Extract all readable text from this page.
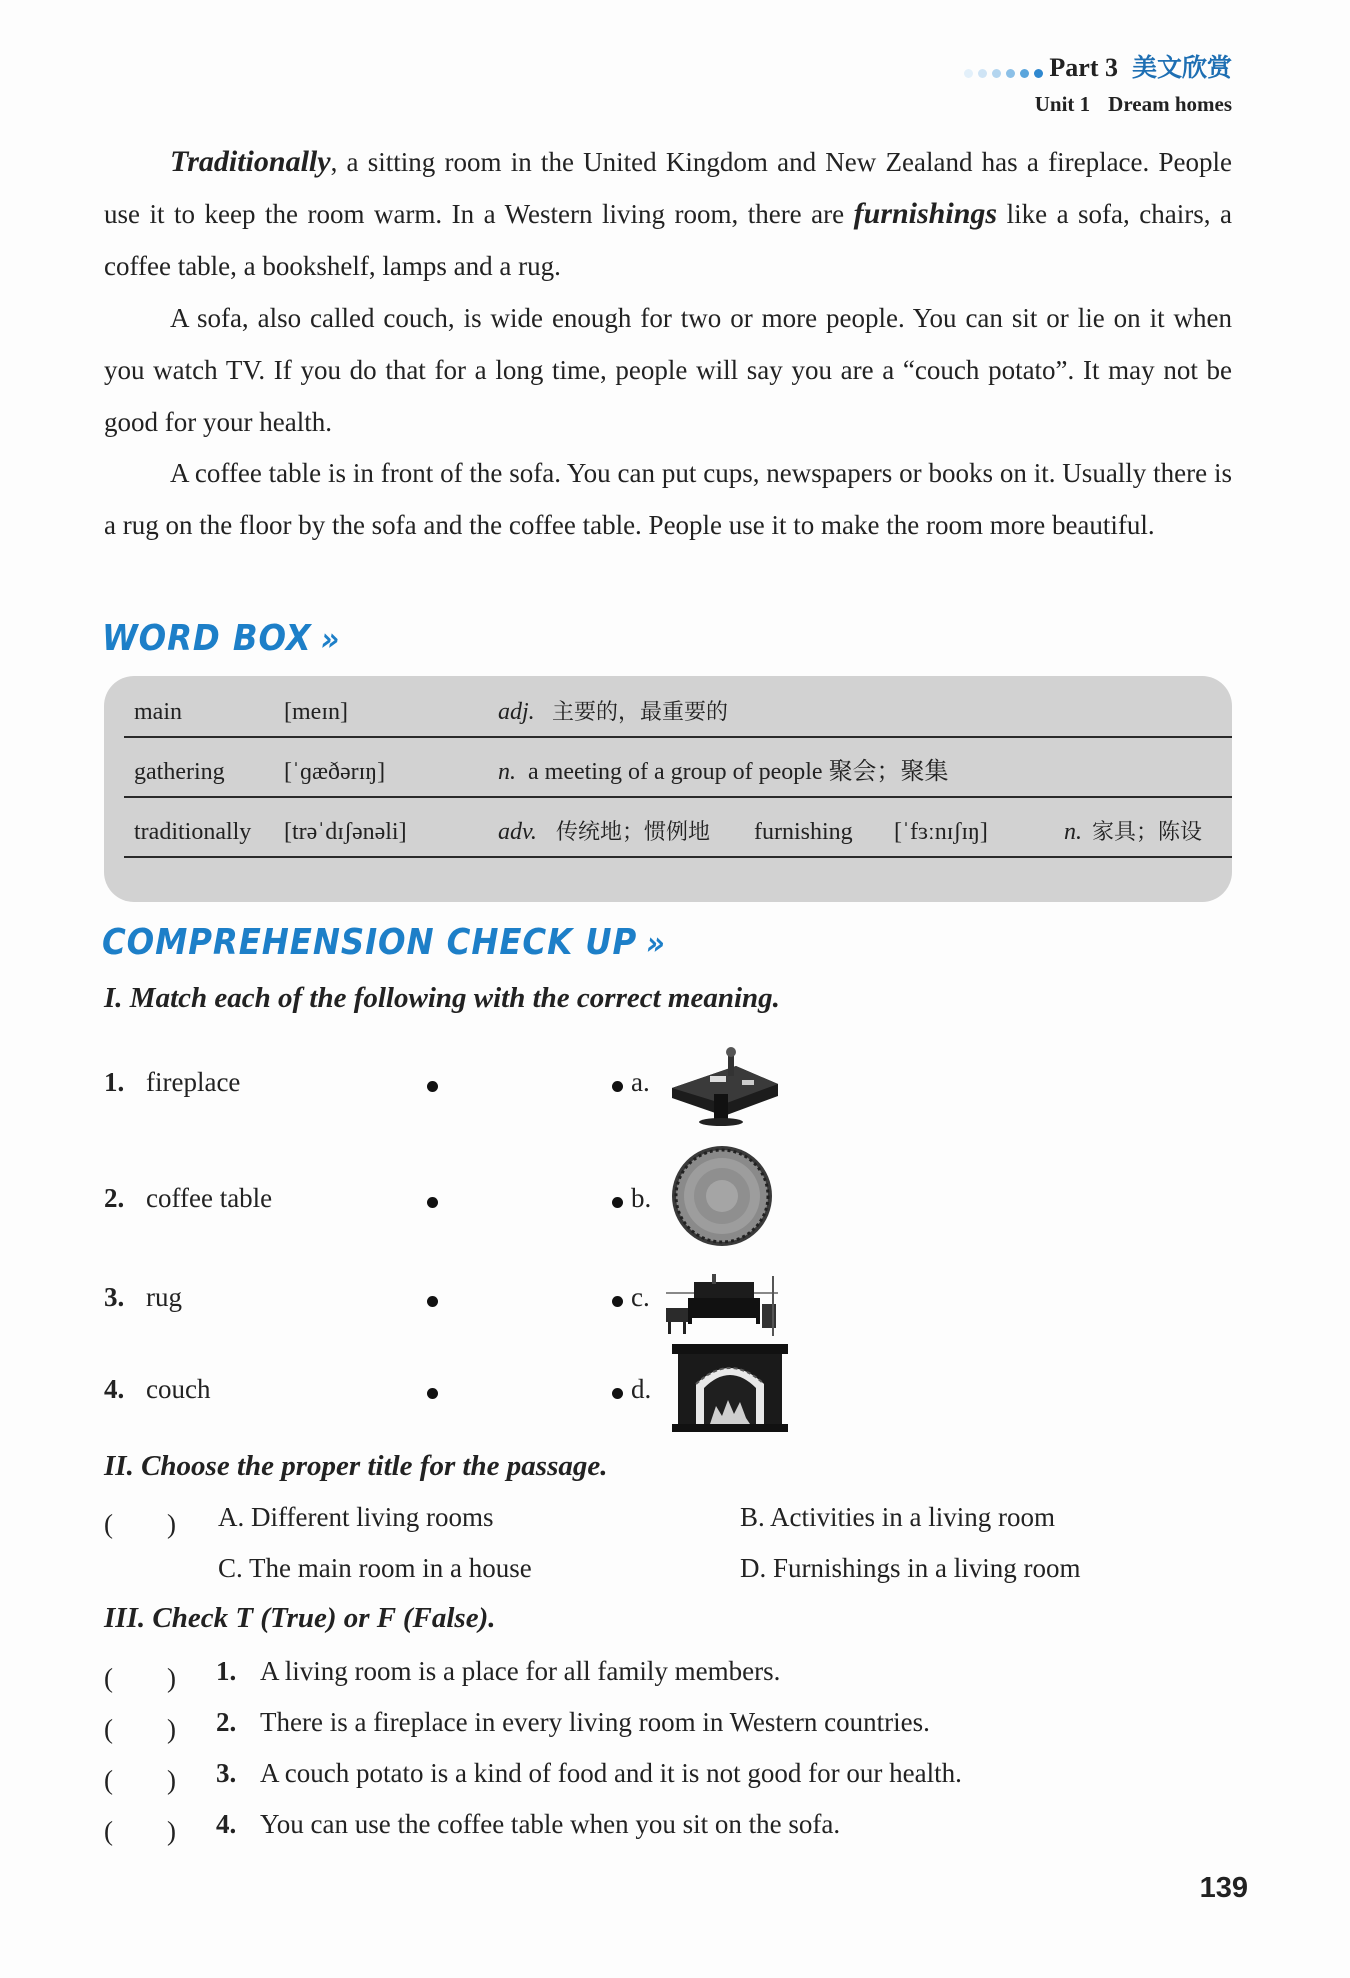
Part 3 美文欣赏
Unit 1 Dream homes

Traditionally, a sitting room in the United Kingdom and New Zealand has a fireplace. People use it to keep the room warm. In a Western living room, there are furnishings like a sofa, chairs, a coffee table, a bookshelf, lamps and a rug.

A sofa, also called couch, is wide enough for two or more people. You can sit or lie on it when you watch TV. If you do that for a long time, people will say you are a “couch potato”. It may not be good for your health.

A coffee table is in front of the sofa. You can put cups, newspapers or books on it. Usually there is a rug on the floor by the sofa and the coffee table. People use it to make the room more beautiful.

WORD BOX »
main	[meɪn]	adj. 主要的，最重要的
gathering [ˈɡæðərɪŋ]	n. a meeting of a group of people 聚会；聚集
traditionally [trəˈdɪʃənəli]	adv. 传统地；惯例地 furnishing [ˈfɜːnɪʃɪŋ]	n. 家具；陈设
COMPREHENSION CHECK UP »
I. Match each of the following with the correct meaning.
1. fireplace	a.
2. coffee table	b.
3. rug	c.
4. couch	d.
II. Choose the proper title for the passage.
(　　) A. Different living rooms	B. Activities in a living room
C. The main room in a house	D. Furnishings in a living room
III. Check T (True) or F (False).
(　　) 1. A living room is a place for all family members.
(　　) 2. There is a fireplace in every living room in Western countries.
(　　) 3. A couch potato is a kind of food and it is not good for our health.
(　　) 4. You can use the coffee table when you sit on the sofa.
139
